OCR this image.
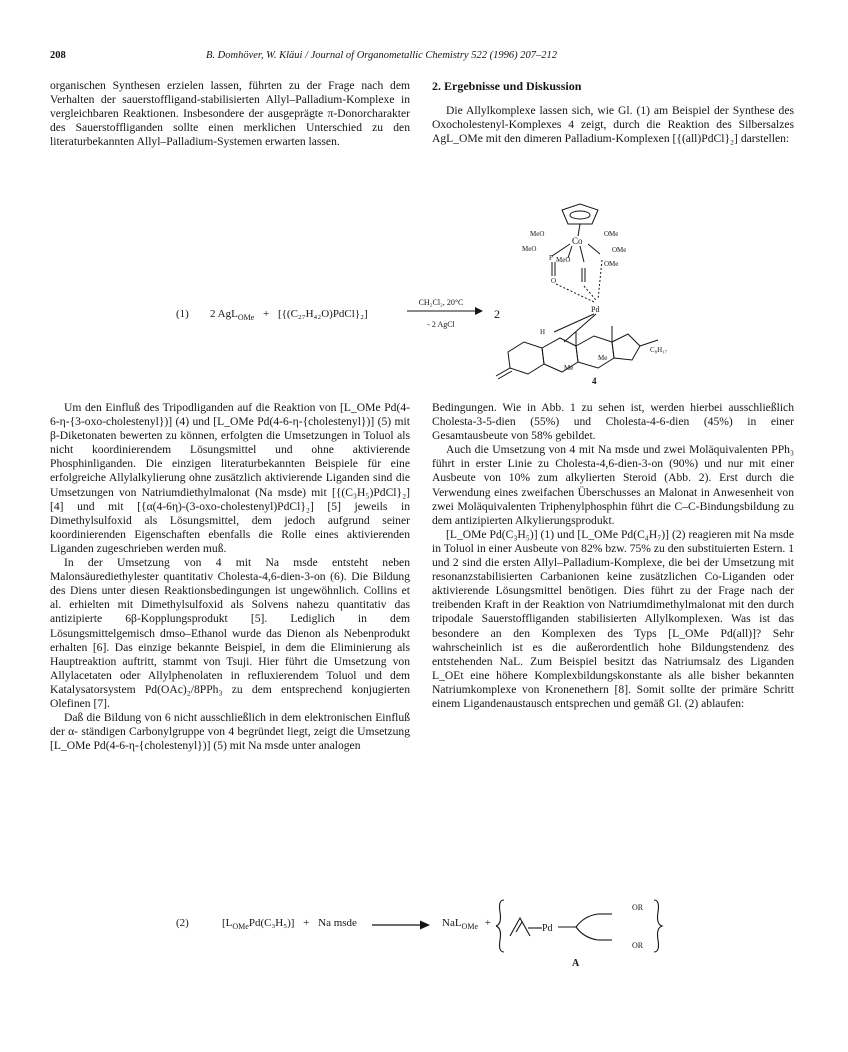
208	B. Domhöver, W. Kläui / Journal of Organometallic Chemistry 522 (1996) 207–212

organischen Synthesen erzielen lassen, führten zu der Frage nach dem Verhalten der sauerstoffligand-stabilisierten Allyl–Palladium-Komplexe in vergleichbaren Reaktionen. Insbesondere der ausgeprägte π-Donorcharakter des Sauerstoffliganden sollte einen merklichen Unterschied zu den literaturbekannten Allyl–Palladium-Systemen erwarten lassen.

2. Ergebnisse und Diskussion

Die Allylkomplexe lassen sich, wie Gl. (1) am Beispiel der Synthese des Oxocholestenyl-Komplexes 4 zeigt, durch die Reaktion des Silbersalzes AgL_OMe mit den dimeren Palladium-Komplexen [{(all)PdCl}₂] darstellen:

(1) 2 AgL$_{OMe}$ + [{(C₂₇H₄₂O)PdCl}₂]
CH₂Cl₂, 20°C
- 2 AgCl
2
MeO
MeO
OMe
OMe
MeO	OMe
Co
P
O
Pd
H
Me
Me
C₈H₁₇
4

Um den Einfluß des Tripodliganden auf die Reaktion von [L_OMe Pd(4-6-η-{3-oxo-cholestenyl})] (4) und [L_OMe Pd(4-6-η-{cholestenyl})] (5) mit β-Diketonaten bewerten zu können, erfolgten die Umsetzungen in Toluol als nicht koordinierendem Lösungsmittel und ohne aktivierende Phosphinliganden. Die einzigen literaturbekannten Beispiele für eine erfolgreiche Allylalkylierung ohne zusätzlich aktivierende Liganden sind die Umsetzungen von Natriumdiethylmalonat (Na msde) mit [{(C₃H₅)PdCl}₂] [4] und mit [{α(4-6η)-(3-oxo-cholestenyl)PdCl}₂] [5] jeweils in Dimethylsulfoxid als Lösungsmittel, dem jedoch aufgrund seiner koordinierenden Eigenschaften ebenfalls die Rolle eines aktivierenden Liganden zugeschrieben werden muß.

In der Umsetzung von 4 mit Na msde entsteht neben Malonsäurediethylester quantitativ Cholesta-4,6-dien-3-on (6). Die Bildung des Diens unter diesen Reaktionsbedingungen ist ungewöhnlich. Collins et al. erhielten mit Dimethylsulfoxid als Solvens nahezu quantitativ das antizipierte 6β-Kopplungsprodukt [5]. Lediglich in dem Lösungsmittelgemisch dmso–Ethanol wurde das Dienon als Nebenprodukt erhalten [6]. Das einzige bekannte Beispiel, in dem die Eliminierung als Hauptreaktion auftritt, stammt von Tsuji. Hier führt die Umsetzung von Allylacetaten oder Allylphenolaten in refluxierendem Toluol und dem Katalysatorsystem Pd(OAc)₂/8PPh₃ zu dem entsprechend konjugierten Olefinen [7].

Daß die Bildung von 6 nicht ausschließlich in dem elektronischen Einfluß der α- ständigen Carbonylgruppe von 4 begründet liegt, zeigt die Umsetzung [L_OMe Pd(4-6-η-{cholestenyl})] (5) mit Na msde unter analogen

Bedingungen. Wie in Abb. 1 zu sehen ist, werden hierbei ausschließlich Cholesta-3-5-dien (55%) und Cholesta-4-6-dien (45%) in einer Gesamtausbeute von 58% gebildet.

Auch die Umsetzung von 4 mit Na msde und zwei Moläquivalenten PPh₃ führt in erster Linie zu Cholesta-4,6-dien-3-on (90%) und nur mit einer Ausbeute von 10% zum alkylierten Steroid (Abb. 2). Erst durch die Verwendung eines zweifachen Überschusses an Malonat in Anwesenheit von zwei Moläquivalenten Triphenylphosphin führt die C–C-Bindungsbildung zu dem antizipierten Alkylierungsprodukt.

[L_OMe Pd(C₃H₅)] (1) und [L_OMe Pd(C₄H₇)] (2) reagieren mit Na msde in Toluol in einer Ausbeute von 82% bzw. 75% zu den substituierten Estern. 1 und 2 sind die ersten Allyl–Palladium-Komplexe, die bei der Umsetzung mit resonanzstabilisierten Carbanionen keine zusätzlichen Co-Liganden oder aktivierende Lösungsmittel benötigen. Dies führt zu der Frage nach der treibenden Kraft in der Reaktion von Natriumdimethylmalonat mit den durch tripodale Sauerstoffliganden stabilisierten Allylkomplexen. Was ist das besondere an den Komplexen des Typs [L_OMe Pd(all)]? Sehr wahrscheinlich ist es die außerordentlich hohe Bildungstendenz des entstehenden NaL. Zum Beispiel besitzt das Natriumsalz des Liganden L_OEt eine höhere Komplexbildungskonstante als alle bisher bekannten Natriumkomplexe von Kronenethern [8]. Somit sollte der primäre Schritt einem Ligandenaustausch entsprechen und gemäß Gl. (2) ablaufen:

(2)	$[L_{OMe}Pd(C_3H_5)] + Na$ msde → NaL$_{OMe}$ +	Pd
OR
OR
A
